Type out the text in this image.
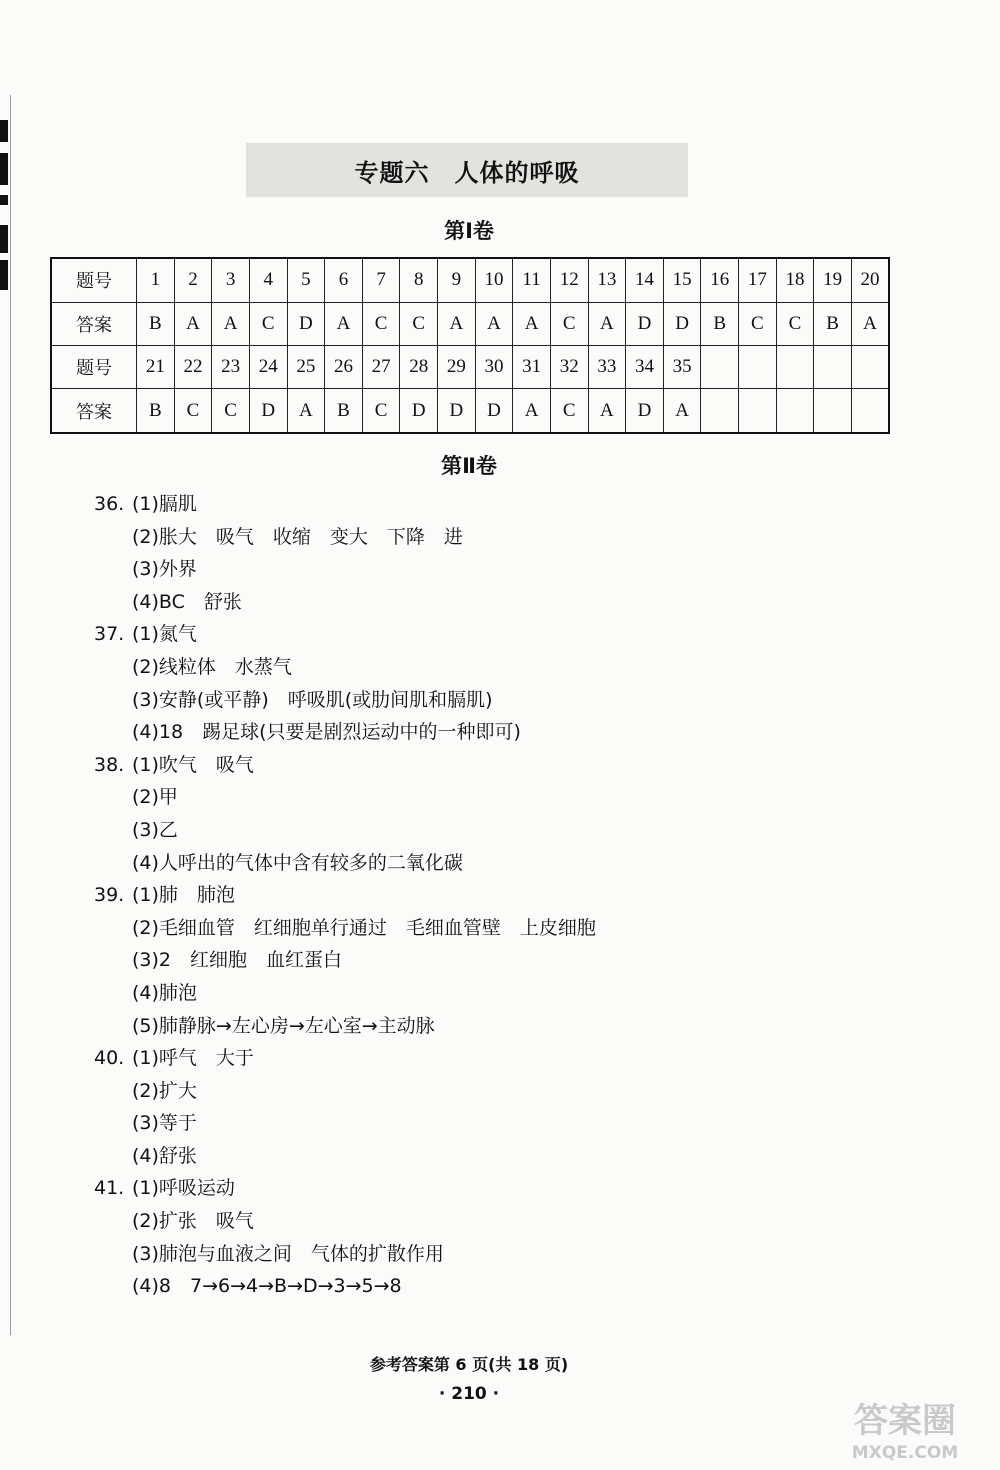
专题六　人体的呼吸
第Ⅰ卷
题号	1	2	3	4	5	6	7	8	9	10	11	12	13	14	15	16	17	18	19	20
答案	B	A	A	C	D	A	C	C	A	A	A	C	A	D	D	B	C	C	B	A
题号	21	22	23	24	25	26	27	28	29	30	31	32	33	34	35					
答案	B	C	C	D	A	B	C	D	D	D	A	C	A	D	A					
第Ⅱ卷
36. (1)膈肌
(2)胀大　吸气　收缩　变大　下降　进
(3)外界
(4)BC　舒张
37. (1)氮气
(2)线粒体　水蒸气
(3)安静(或平静)　呼吸肌(或肋间肌和膈肌)
(4)18　踢足球(只要是剧烈运动中的一种即可)
38. (1)吹气　吸气
(2)甲
(3)乙
(4)人呼出的气体中含有较多的二氧化碳
39. (1)肺　肺泡
(2)毛细血管　红细胞单行通过　毛细血管壁　上皮细胞
(3)2　红细胞　血红蛋白
(4)肺泡
(5)肺静脉→左心房→左心室→主动脉
40. (1)呼气　大于
(2)扩大
(3)等于
(4)舒张
41. (1)呼吸运动
(2)扩张　吸气
(3)肺泡与血液之间　气体的扩散作用
(4)8　7→6→4→B→D→3→5→8
参考答案第 6 页(共 18 页)
· 210 ·
答案圈
MXQE.COM
